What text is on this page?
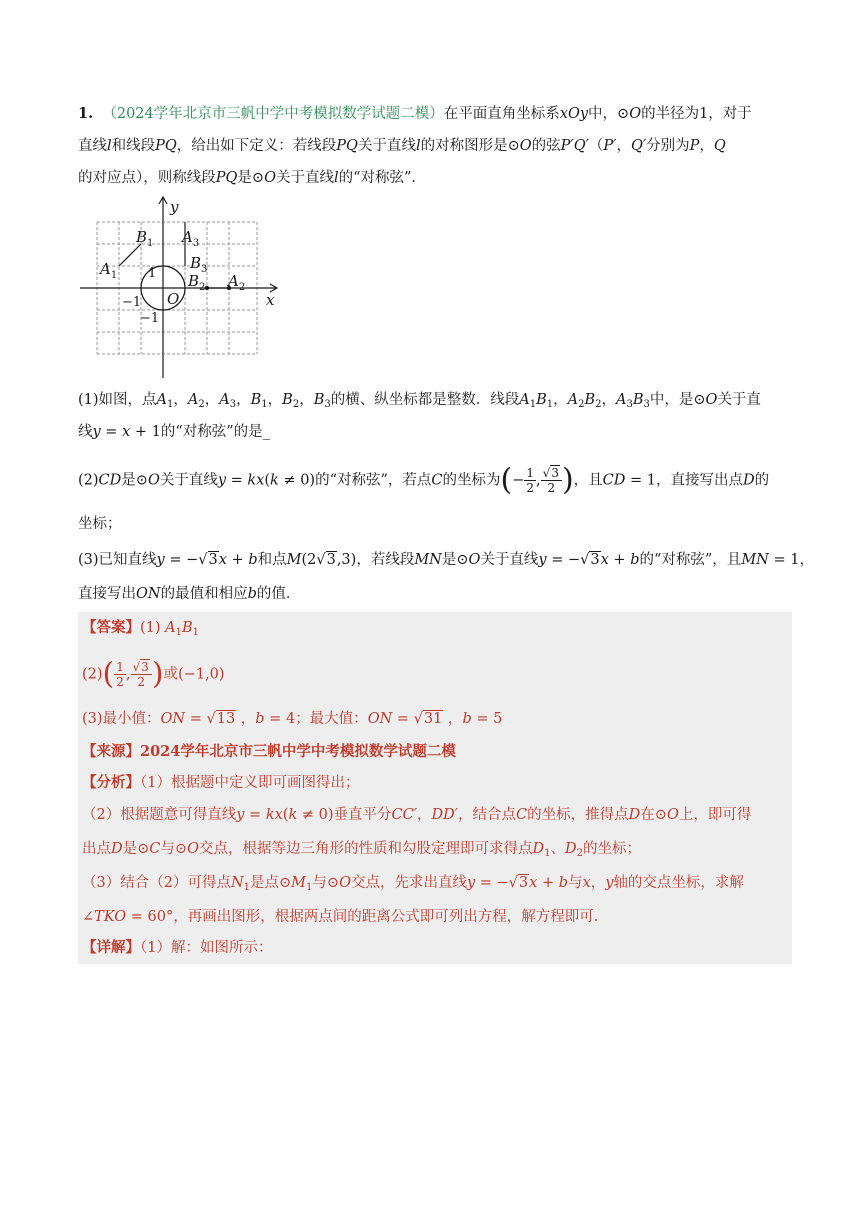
1. （2024学年北京市三帆中学中考模拟数学试题二模）在平面直角坐标系xOy中，⊙O的半径为1，对于
直线l和线段PQ，给出如下定义：若线段PQ关于直线l的对称图形是⊙O的弦P′Q′（P′，Q′分别为P，Q
的对应点），则称线段PQ是⊙O关于直线l的“对称弦”．
y
x
O
$B_1$ $A_3$
$A_1$
$B_3$
$B_2$ $A_2$
1
−1
−1
(1)如图，点$A_1$，$A_2$，$A_3$，$B_1$，$B_2$，$B_3$的横、纵坐标都是整数．线段$A_1B_1$，$A_2B_2$，$A_3B_3$中，是⊙O关于直
线y = x + 1的“对称弦”的是_
(2)CD是⊙O关于直线y = kx(k ≠ 0)的“对称弦”，若点C的坐标为(− $\frac{1}{2}$ , $\frac{√3}{2}$ )，且CD = 1，直接写出点D的
坐标；
(3)已知直线y = −√3x + b和点M(2√3,3)，若线段MN是⊙O关于直线y = −√3x + b的“对称弦”，且MN = 1，
直接写出ON的最值和相应b的值．
【答案】(1) $A_1B_1$
$(2)( \frac{1}{2}$ , $\frac{√3}{2}$ )或(−1,0)
(3)最小值：ON = √13 ，b = 4；最大值：ON = √31 ，b = 5
【来源】2024学年北京市三帆中学中考模拟数学试题二模
【分析】（1）根据题中定义即可画图得出；
（2）根据题意可得直线y = kx(k ≠ 0)垂直平分CC′，DD′，结合点C的坐标，推得点D在⊙O上，即可得
出点D是⊙C与⊙O交点，根据等边三角形的性质和勾股定理即可求得点$D_1$、$D_2$的坐标；
（3）结合（2）可得点$N_1$是点$⊙M_1$与⊙O交点，先求出直线y = −√3x + b与x，y轴的交点坐标，求解
∠TKO = 60°，再画出图形，根据两点间的距离公式即可列出方程，解方程即可．
【详解】（1）解：如图所示：
